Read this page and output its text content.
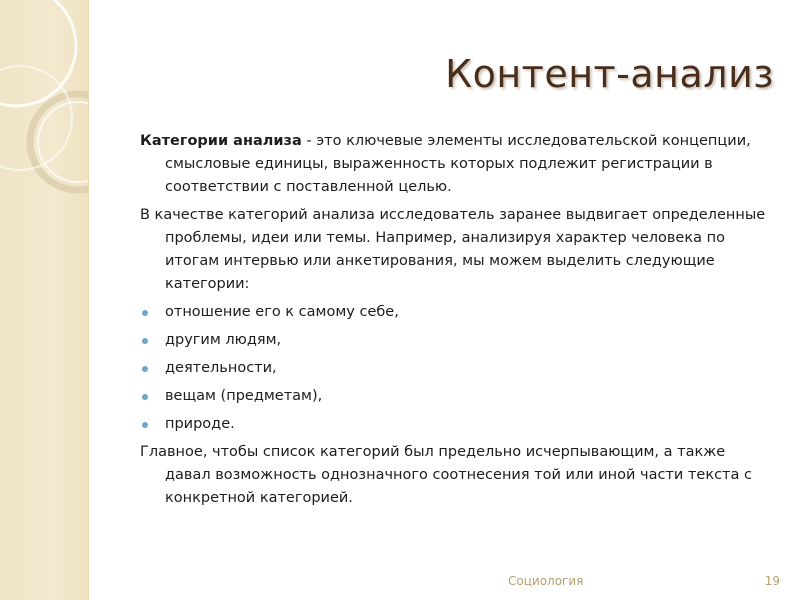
Контент-анализ

Категории анализа - это ключевые элементы исследовательской концепции, смысловые единицы, выраженность которых подлежит регистрации в соответствии с поставленной целью.

В качестве категорий анализа исследователь заранее выдвигает определенные проблемы, идеи или темы. Например, анализируя характер человека по итогам интервью или анкетирования, мы можем выделить следующие категории:

отношение его к самому себе,
другим людям,
деятельности,
вещам (предметам),
природе.

Главное, чтобы список категорий был предельно исчерпывающим, а также давал возможность однозначного соотнесения той или иной части текста с конкретной категорией.

Социология	19
